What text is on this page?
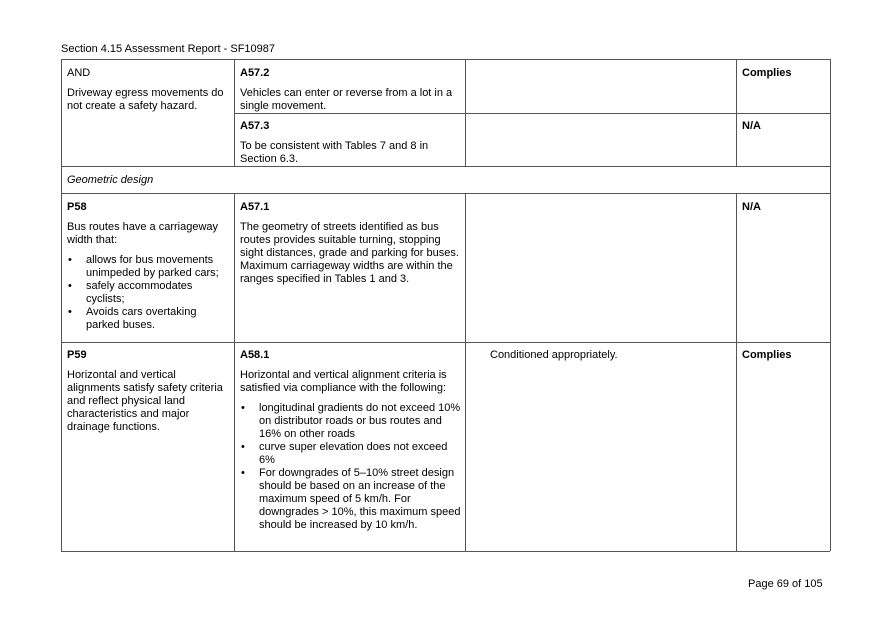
Section 4.15 Assessment Report - SF10987

AND

Driveway egress movements do not create a safety hazard.

A57.2

Vehicles can enter or reverse from a lot in a single movement.

Complies

A57.3

To be consistent with Tables 7 and 8 in Section 6.3.

N/A
Geometric design

P58

Bus routes have a carriageway width that:

• allows for bus movements unimpeded by parked cars;
• safely accommodates cyclists;
• Avoids cars overtaking parked buses.

A57.1

The geometry of streets identified as bus routes provides suitable turning, stopping sight distances, grade and parking for buses. Maximum carriageway widths are within the ranges specified in Tables 1 and 3.

N/A

P59

Horizontal and vertical alignments satisfy safety criteria and reflect physical land characteristics and major drainage functions.

A58.1

Horizontal and vertical alignment criteria is satisfied via compliance with the following:

• longitudinal gradients do not exceed 10% on distributor roads or bus routes and 16% on other roads
• curve super elevation does not exceed 6%
• For downgrades of 5–10% street design should be based on an increase of the maximum speed of 5 km/h. For downgrades > 10%, this maximum speed should be increased by 10 km/h.
Conditioned appropriately.	Complies
Page 69 of 105
